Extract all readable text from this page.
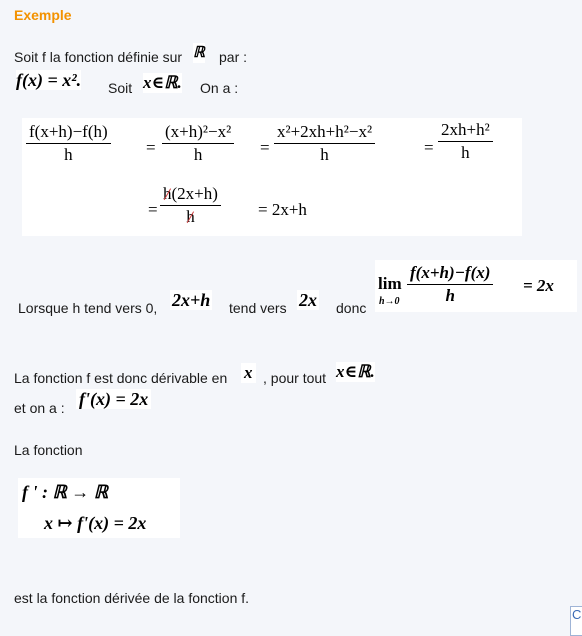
Exemple
Soit f la fonction définie sur ℝ par :
f(x) = x². Soit x∈ℝ. On a :
$\frac{f(x+h)-f(h)}{h} = \frac{\text{(x+h)²−x²}}{h} = \frac{\text{x²+2xh+h²−x²}}{h}$	= $\frac{\text{2xh+h²}}{h}$
= $\frac{h(2x+h)}{h} = 2x+h$
Lorsque h tend vers 0, 2x+h tend vers 2x donc
lim
$h\to 0 \frac{f(x+h)-f(x)}{h} = 2x$
La fonction f est donc dérivable en x , pour tout x∈ℝ.
et on a : f'(x) = 2x
La fonction
f ' : ℝ → ℝ
x ↦ f'(x) = 2x
est la fonction dérivée de la fonction f.
C
